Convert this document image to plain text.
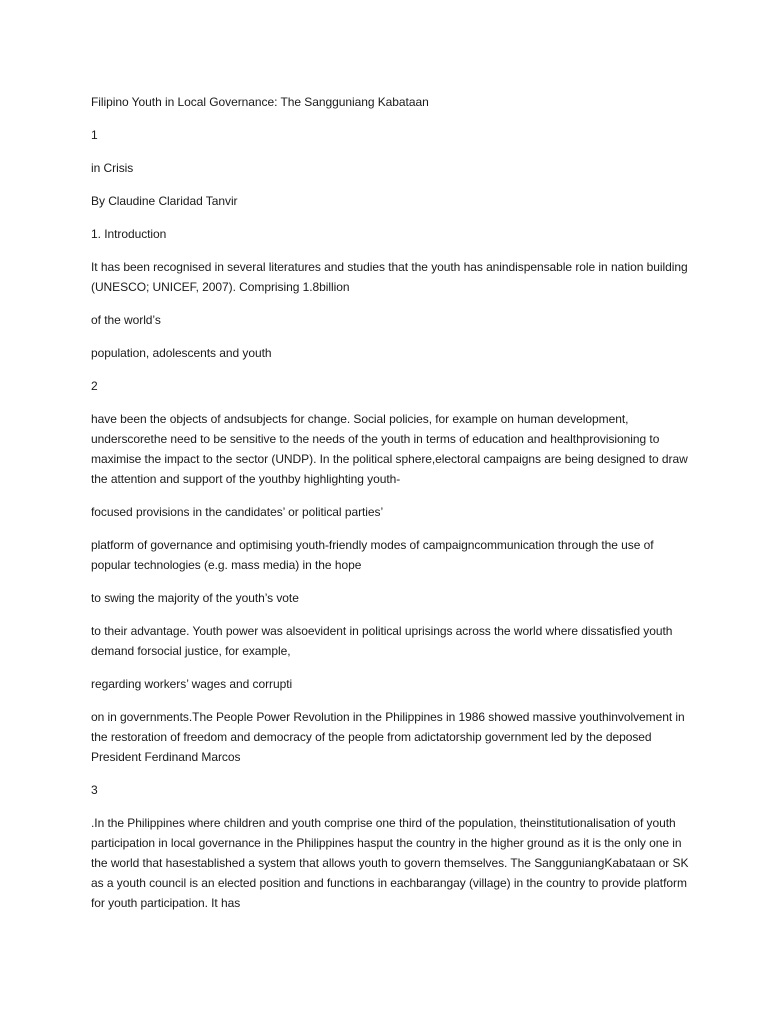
Filipino Youth in Local Governance: The Sangguniang Kabataan

1

in Crisis

By Claudine Claridad Tanvir

1. Introduction

It has been recognised in several literatures and studies that the youth has anindispensable role in nation building (UNESCO; UNICEF, 2007). Comprising 1.8billion

of the world’s

population, adolescents and youth

2

have been the objects of andsubjects for change. Social policies, for example on human development, underscorethe need to be sensitive to the needs of the youth in terms of education and healthprovisioning to maximise the impact to the sector (UNDP). In the political sphere,electoral campaigns are being designed to draw the attention and support of the youthby highlighting youth-

focused provisions in the candidates’ or political parties’

platform of governance and optimising youth-friendly modes of campaigncommunication through the use of popular technologies (e.g. mass media) in the hope

to swing the majority of the youth’s vote

to their advantage. Youth power was alsoevident in political uprisings across the world where dissatisfied youth demand forsocial justice, for example,

regarding workers’ wages and corrupti

on in governments.The People Power Revolution in the Philippines in 1986 showed massive youthinvolvement in the restoration of freedom and democracy of the people from adictatorship government led by the deposed President Ferdinand Marcos

3

.In the Philippines where children and youth comprise one third of the population, theinstitutionalisation of youth participation in local governance in the Philippines hasput the country in the higher ground as it is the only one in the world that hasestablished a system that allows youth to govern themselves. The SangguniangKabataan or SK as a youth council is an elected position and functions in eachbarangay (village) in the country to provide platform for youth participation. It has
